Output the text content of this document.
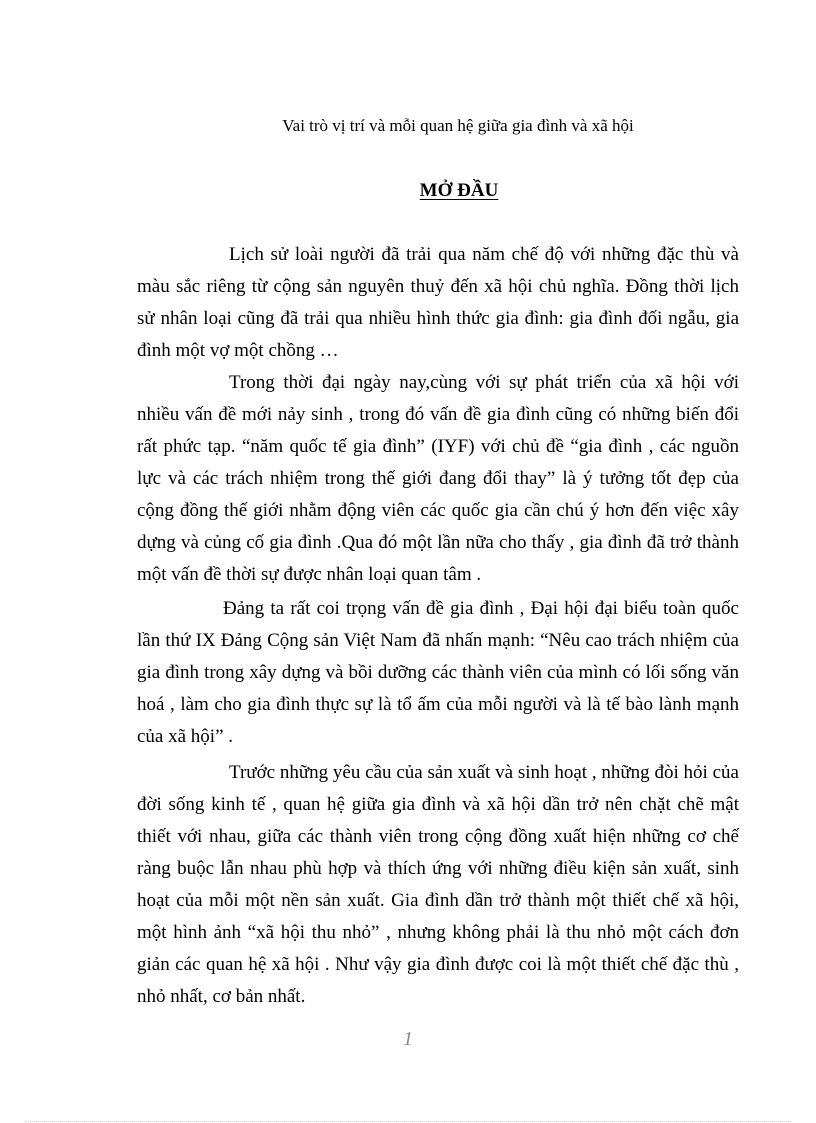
Vai trò vị trí và mỗi quan hệ giữa gia đình và xã hội
MỞ ĐẦU

Lịch sử loài người đã trải qua năm chế độ với những đặc thù và màu sắc riêng từ cộng sản nguyên thuỷ đến xã hội chủ nghĩa. Đồng thời lịch sử nhân loại cũng đã trải qua nhiều hình thức gia đình: gia đình đối ngẫu, gia đình một vợ một chồng …

Trong thời đại ngày nay,cùng với sự phát triển của xã hội với nhiều vấn đề mới nảy sinh , trong đó vấn đề gia đình cũng có những biến đổi rất phức tạp. “năm quốc tế gia đình” (IYF) với chủ đề “gia đình , các nguồn lực và các trách nhiệm trong thế giới đang đổi thay” là ý tưởng tốt đẹp của cộng đồng thế giới nhằm động viên các quốc gia cần chú ý hơn đến việc xây dựng và củng cố gia đình .Qua đó một lần nữa cho thấy , gia đình đã trở thành một vấn đề thời sự được nhân loại quan tâm .

Đảng ta rất coi trọng vấn đề gia đình , Đại hội đại biểu toàn quốc lần thứ IX Đảng Cộng sản Việt Nam đã nhấn mạnh: “Nêu cao trách nhiệm của gia đình trong xây dựng và bồi dưỡng các thành viên của mình có lối sống văn hoá , làm cho gia đình thực sự là tổ ấm của mỗi người và là tế bào lành mạnh của xã hội” .

Trước những yêu cầu của sản xuất và sinh hoạt , những đòi hỏi của đời sống kinh tế , quan hệ giữa gia đình và xã hội dần trở nên chặt chẽ mật thiết với nhau, giữa các thành viên trong cộng đồng xuất hiện những cơ chế ràng buộc lẫn nhau phù hợp và thích ứng với những điều kiện sản xuất, sinh hoạt của mỗi một nền sản xuất. Gia đình dần trở thành một thiết chế xã hội, một hình ảnh “xã hội thu nhỏ” , nhưng không phải là thu nhỏ một cách đơn giản các quan hệ xã hội . Như vậy gia đình được coi là một thiết chế đặc thù , nhỏ nhất, cơ bản nhất.

1
